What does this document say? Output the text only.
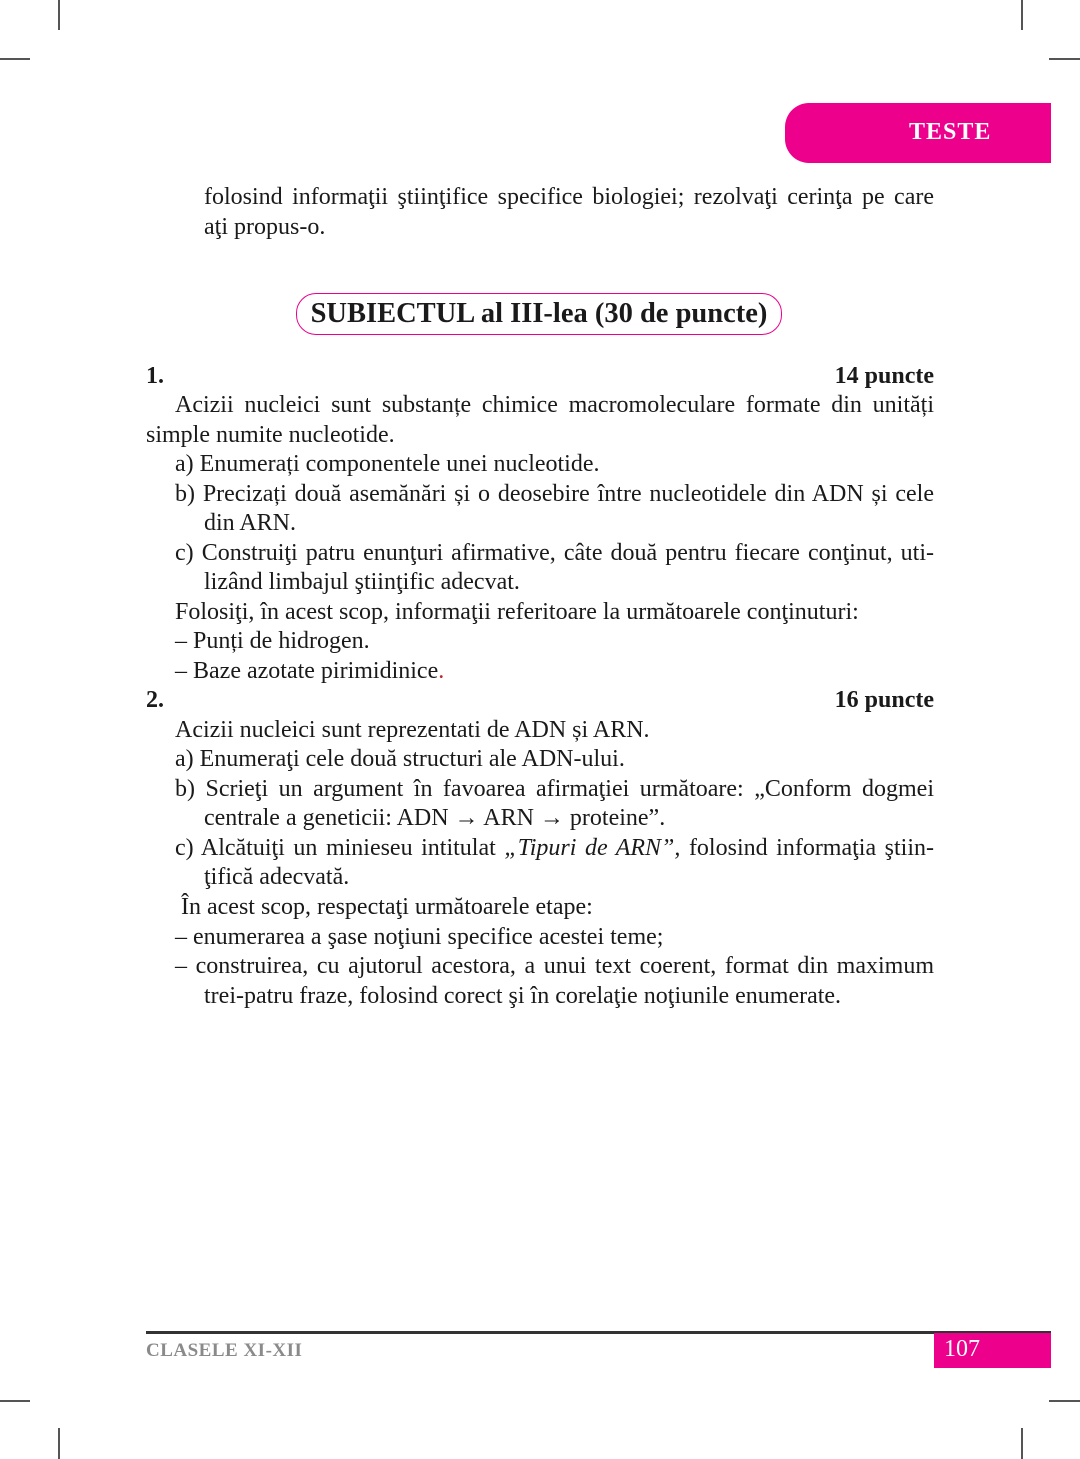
TESTE
folosind informaţii ştiinţifice specifice biologiei; rezolvaţi cerinţa pe care
aţi propus-o.
SUBIECTUL al III-lea (30 de puncte)
1.	14 puncte
Acizii nucleici sunt substanțe chimice macromoleculare formate din unități
simple numite nucleotide.
a) Enumerați componentele unei nucleotide.
b) Precizați două asemănări și o deosebire între nucleotidele din ADN și cele
din ARN.
c) Construiţi patru enunţuri afirmative, câte două pentru fiecare conţinut, uti-
lizând limbajul ştiinţific adecvat.
Folosiţi, în acest scop, informaţii referitoare la următoarele conţinuturi:
– Punți de hidrogen.
– Baze azotate pirimidinice.
2.	16 puncte
Acizii nucleici sunt reprezentati de ADN și ARN.
a) Enumeraţi cele două structuri ale ADN-ului.
b) Scrieţi un argument în favoarea afirmaţiei următoare: „Conform dogmei
centrale a geneticii: ADN → ARN → proteine”.
c) Alcătuiţi un minieseu intitulat „Tipuri de ARN”, folosind informaţia ştiin-
ţifică adecvată.
În acest scop, respectaţi următoarele etape:
– enumerarea a şase noţiuni specifice acestei teme;
– construirea, cu ajutorul acestora, a unui text coerent, format din maximum
trei-patru fraze, folosind corect şi în corelaţie noţiunile enumerate.
CLASELE XI-XII	107
